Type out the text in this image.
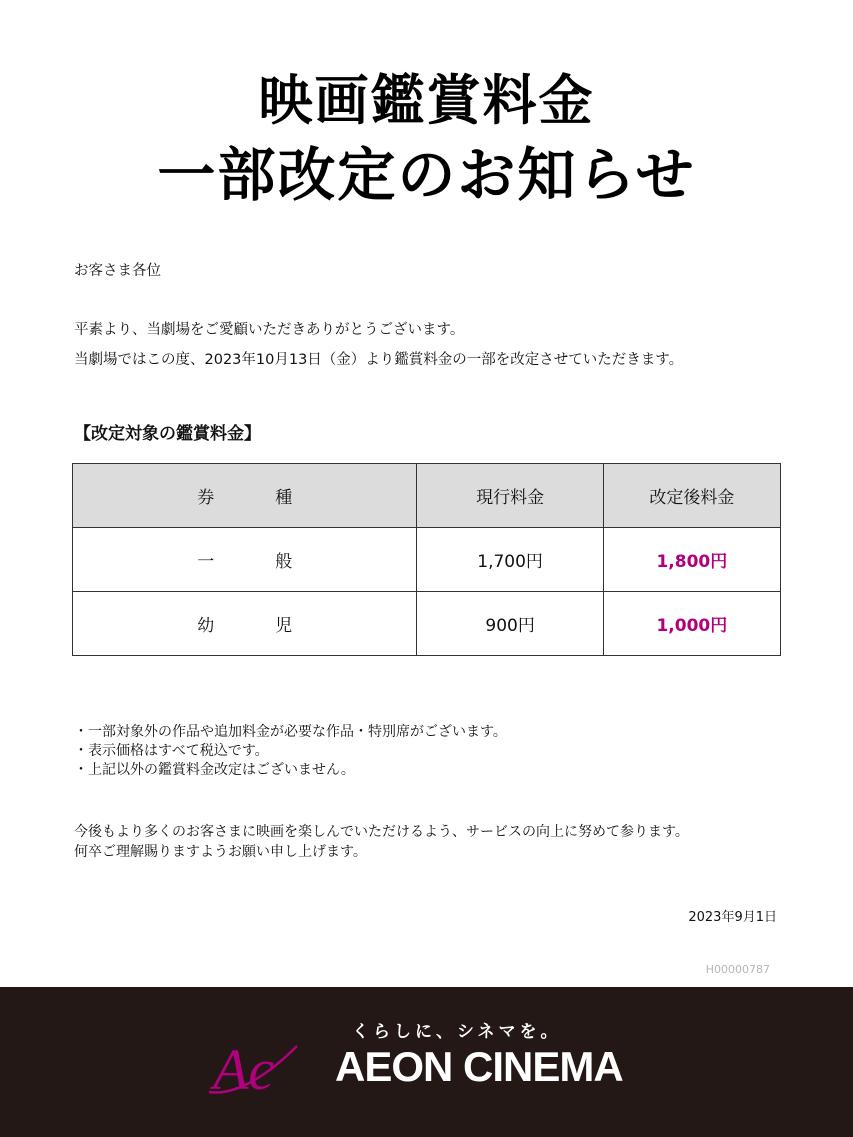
映画鑑賞料金
一部改定のお知らせ

お客さま各位

平素より、当劇場をご愛顧いただきありがとうございます。

当劇場ではこの度、2023年10月13日（金）より鑑賞料金の一部を改定させていただきます。

【改定対象の鑑賞料金】
券　種	現行料金	改定後料金
一　般	1,700円	1,800円
幼　児	900円	1,000円
・一部対象外の作品や追加料金が必要な作品・特別席がございます。
・表示価格はすべて税込です。
・上記以外の鑑賞料金改定はございません。
今後もより多くのお客さまに映画を楽しんでいただけるよう、サービスの向上に努めて参ります。
何卒ご理解賜りますようお願い申し上げます。

2023年9月1日

H00000787

くらしに、シネマを。
Ac AEON CINEMA
